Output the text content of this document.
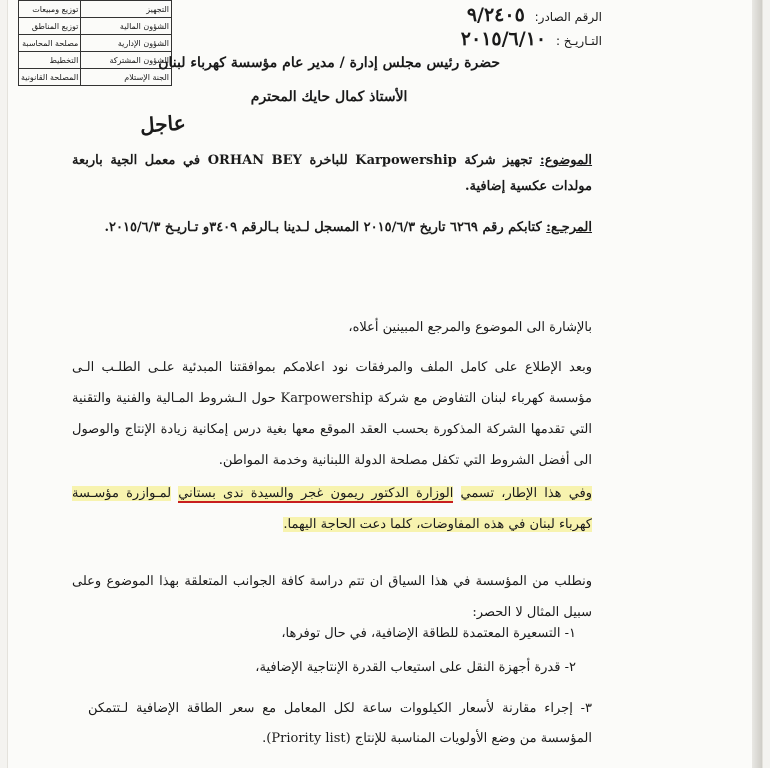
التجهيز	توزيع ومبيعات
الشؤون المالية	توزيع المناطق
الشؤون الإدارية	مصلحة المحاسبة
الشؤون المشتركة	التخطيط
الجنة الإستلام	المصلحة القانونية
عاجل
الرقم الصادر: ٩/٢٤٠٥
التـاريـخ : ٢٠١٥/٦/١٠
حضرة رئيس مجلس إدارة / مدير عام مؤسسة كهرباء لبنان
الأستاذ كمال حايك المحترم
الموضوع: تجهيز شركة Karpowership للباخرة ORHAN BEY في معمل الجية باربعة مولدات عكسية إضافية.
المرجـع: كتابكم رقم ٦٢٦٩ تاريخ ٢٠١٥/٦/٣ المسجل لـدينا بـالرقم ٣٤٠٩و تـاريـخ ٢٠١٥/٦/٣.
بالإشارة الى الموضوع والمرجع المبينين أعلاه،
وبعد الإطلاع على كامل الملف والمرفقات نود اعلامكم بموافقتنا المبدئية علـى الطلـب الـى مؤسسة كهرباء لبنان التفاوض مع شركة Karpowership حول الـشروط المـالية والفنية والتقنية التي تقدمها الشركة المذكورة بحسب العقد الموقع معها بغية درس إمكانية زيادة الإنتاج والوصول الى أفضل الشروط التي تكفل مصلحة الدولة اللبنانية وخدمة المواطن.
وفي هذا الإطار، تسمي الوزارة الدكتور ريمون غجر والسيدة ندى بستاني لمـوازرة مؤسـسة كهرباء لبنان في هذه المفاوضات، كلما دعت الحاجة اليهما.
ونطلب من المؤسسة في هذا السياق ان تتم دراسة كافة الجوانب المتعلقة بهذا الموضوع وعلى سبيل المثال لا الحصر:
١- التسعيرة المعتمدة للطاقة الإضافية، في حال توفرها،
٢- قدرة أجهزة النقل على استيعاب القدرة الإنتاجية الإضافية،
٣- إجراء مقارنة لأسعار الكيلووات ساعة لكل المعامل مع سعر الطاقة الإضافية لـتتمكن المؤسسة من وضع الأولويات المناسبة للإنتاج (Priority list).
